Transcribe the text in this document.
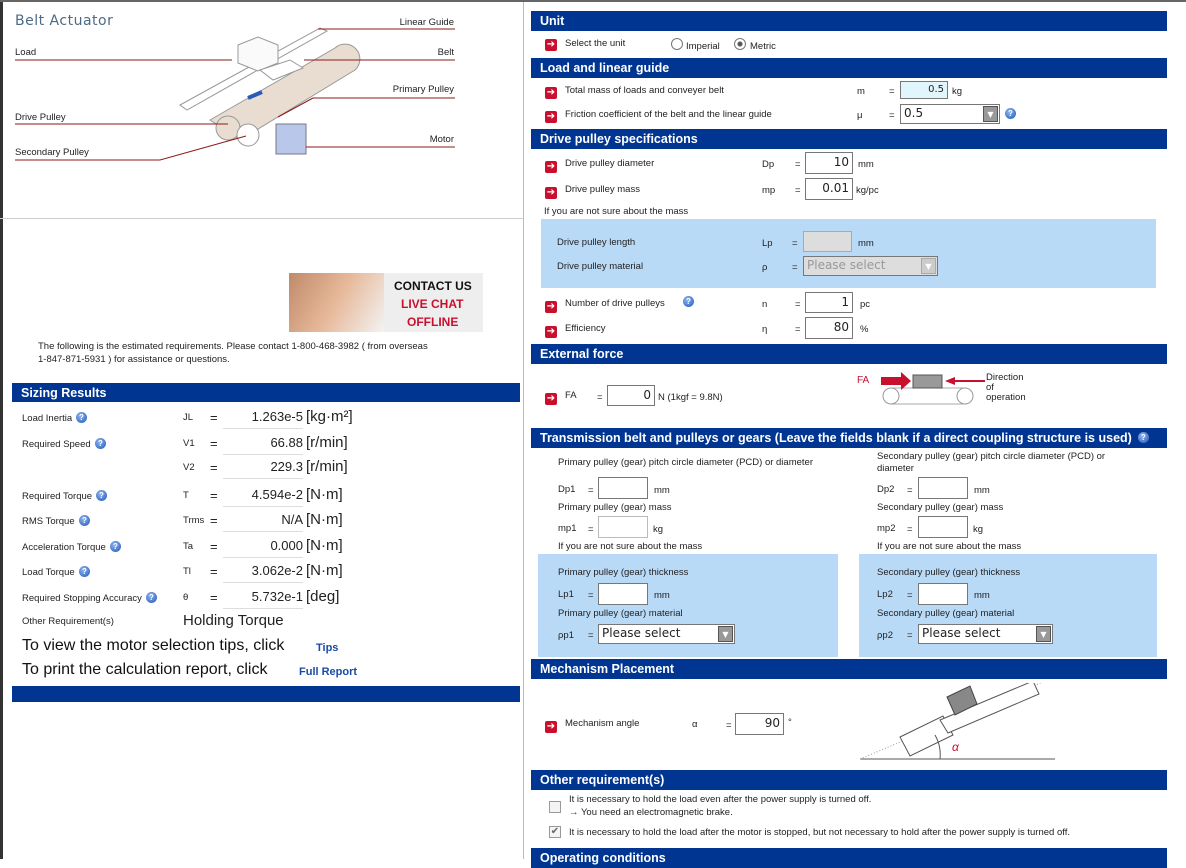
Belt Actuator
Load
Linear Guide
Belt
Primary Pulley
Drive Pulley
Motor
Secondary Pulley
CONTACT US
LIVE CHAT
OFFLINE
The following is the estimated requirements. Please contact 1-800-468-3982 ( from overseas
1-847-871-5931 ) for assistance or questions.
Sizing Results
Load Inertia ?	JL =	1.263e-5 [kg·m²]
Required Speed ?	V1 =	66.88 [r/min]
V2 =	229.3 [r/min]
Required Torque ?	T =	4.594e-2 [N·m]
RMS Torque ?	Trms =	N/A [N·m]
Acceleration Torque ?	Ta =	0.000 [N·m]
Load Torque ?	Tl =	3.062e-2 [N·m]
Required Stopping Accuracy ?	θ =	5.732e-1 [deg]
Other Requirement(s)	Holding Torque
To view the motor selection tips, click	Tips
To print the calculation report, click	Full Report
Unit
➔ Select the unit	Imperial	Metric
Load and linear guide
➔ Total mass of loads and conveyer belt	m	=	0.5 kg
➔ Friction coefficient of the belt and the linear guide	μ	= 0.5	▼	?
Drive pulley specifications
➔ Drive pulley diameter	Dp =	10 mm
➔ Drive pulley mass	mp =	0.01 kg/pc
If you are not sure about the mass
Drive pulley length	Lp =	mm
Drive pulley material	ρ	= Please select	▼
➔ Number of drive pulleys	?	n	=	1	pc
➔ Efficiency	η	=	80	%
External force
➔ FA =	0 N (1kgf = 9.8N)
FA	Direction
of
operation
Transmission belt and pulleys or gears (Leave the fields blank if a direct coupling structure is used) ?
Primary pulley (gear) pitch circle diameter (PCD) or diameter
Dp1 =	mm
Primary pulley (gear) mass
mp1 =	kg
If you are not sure about the mass
Primary pulley (gear) thickness
Lp1 =	mm
Primary pulley (gear) material
ρp1 = Please select	▼
Secondary pulley (gear) pitch circle diameter (PCD) or
diameter
Dp2 =	mm
Secondary pulley (gear) mass
mp2 =	kg
If you are not sure about the mass
Secondary pulley (gear) thickness
Lp2 =	mm
Secondary pulley (gear) material
ρp2 = Please select	▼
Mechanism Placement
➔ Mechanism angle	α	=	90 °
α
Other requirement(s)
It is necessary to hold the load even after the power supply is turned off.
→ You need an electromagnetic brake.
✔ It is necessary to hold the load after the motor is stopped, but not necessary to hold after the power supply is turned off.
Operating conditions
